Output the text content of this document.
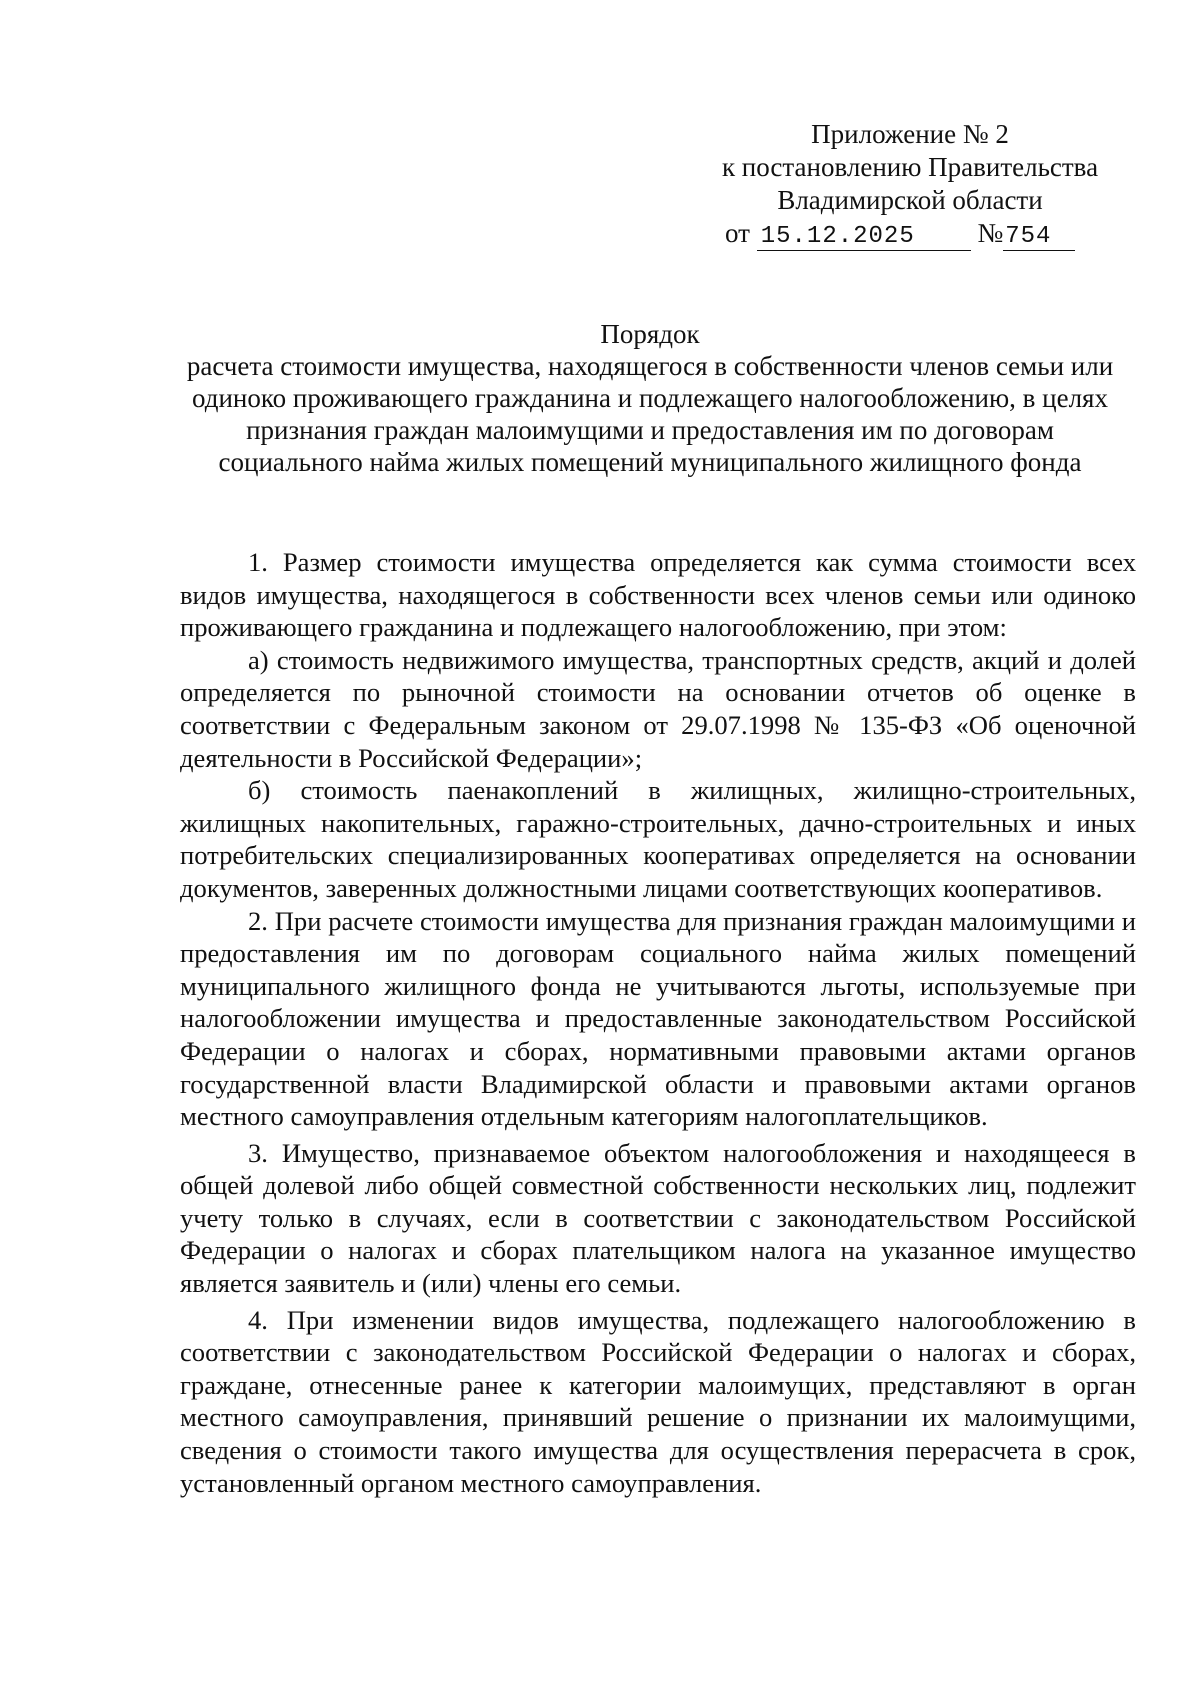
Приложение № 2
к постановлению Правительства
Владимирской области
от 15.12.2025 №754
Порядок
расчета стоимости имущества, находящегося в собственности членов семьи или
одиноко проживающего гражданина и подлежащего налогообложению, в целях
признания граждан малоимущими и предоставления им по договорам
социального найма жилых помещений муниципального жилищного фонда

1. Размер стоимости имущества определяется как сумма стоимости всех видов имущества, находящегося в собственности всех членов семьи или одиноко проживающего гражданина и подлежащего налогообложению, при этом:

а) стоимость недвижимого имущества, транспортных средств, акций и долей определяется по рыночной стоимости на основании отчетов об оценке в соответствии с Федеральным законом от 29.07.1998 № 135-ФЗ «Об оценочной деятельности в Российской Федерации»;

б) стоимость паенакоплений в жилищных, жилищно-строительных, жилищных накопительных, гаражно-строительных, дачно-строительных и иных потребительских специализированных кооперативах определяется на основании документов, заверенных должностными лицами соответствующих кооперативов.

2. При расчете стоимости имущества для признания граждан малоимущими и предоставления им по договорам социального найма жилых помещений муниципального жилищного фонда не учитываются льготы, используемые при налогообложении имущества и предоставленные законодательством Российской Федерации о налогах и сборах, нормативными правовыми актами органов государственной власти Владимирской области и правовыми актами органов местного самоуправления отдельным категориям налогоплательщиков.

3. Имущество, признаваемое объектом налогообложения и находящееся в общей долевой либо общей совместной собственности нескольких лиц, подлежит учету только в случаях, если в соответствии с законодательством Российской Федерации о налогах и сборах плательщиком налога на указанное имущество является заявитель и (или) члены его семьи.

4. При изменении видов имущества, подлежащего налогообложению в соответствии с законодательством Российской Федерации о налогах и сборах, граждане, отнесенные ранее к категории малоимущих, представляют в орган местного самоуправления, принявший решение о признании их малоимущими, сведения о стоимости такого имущества для осуществления перерасчета в срок, установленный органом местного самоуправления.
